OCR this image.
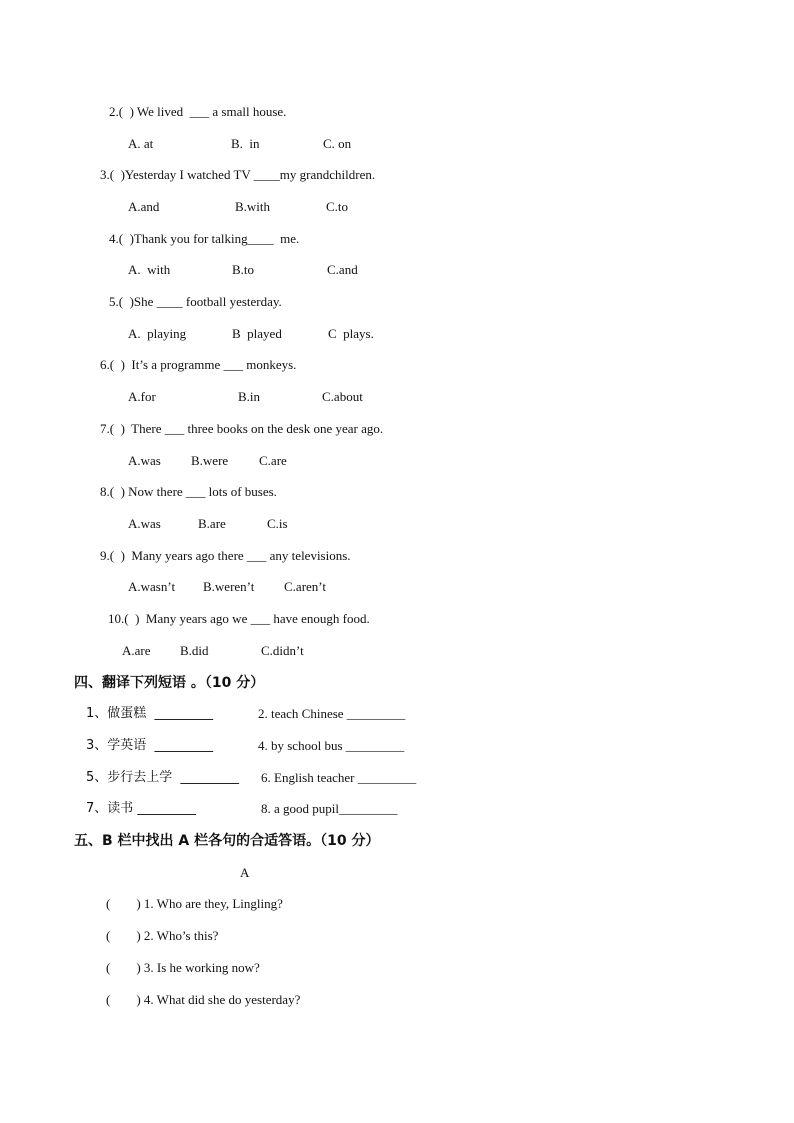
2.(  ) We lived  ___ a small house.
A. at	B.  in	C. on
3.(  )Yesterday I watched TV ____my grandchildren.
A.and	B.with	C.to
4.(  )Thank you for talking____  me.
A.  with	B.to	C.and
5.(  )She ____ football yesterday.
A.  playing	B  played	C  plays.
6.(  )  It’s a programme ___ monkeys.
A.for	B.in	C.about
7.(  )  There ___ three books on the desk one year ago.
A.was B.were C.are
8.(  ) Now there ___ lots of buses.
A.was	B.are	C.is
9.(  )  Many years ago there ___ any televisions.
A.wasn’t B.weren’t C.aren’t
10.(  )  Many years ago we ___ have enough food.
A.are B.did	C.didn’t
四、翻译下列短语 。（10 分）
1、做蛋糕  _________	2. teach Chinese _________
3、学英语  _________	4. by school bus _________
5、步行去上学  _________ 6. English teacher _________
7、读书 _________	8. a good pupil_________
五、B 栏中找出 A 栏各句的合适答语。（10 分）
A
(        ) 1. Who are they, Lingling?
(        ) 2. Who’s this?
(        ) 3. Is he working now?
(        ) 4. What did she do yesterday?
